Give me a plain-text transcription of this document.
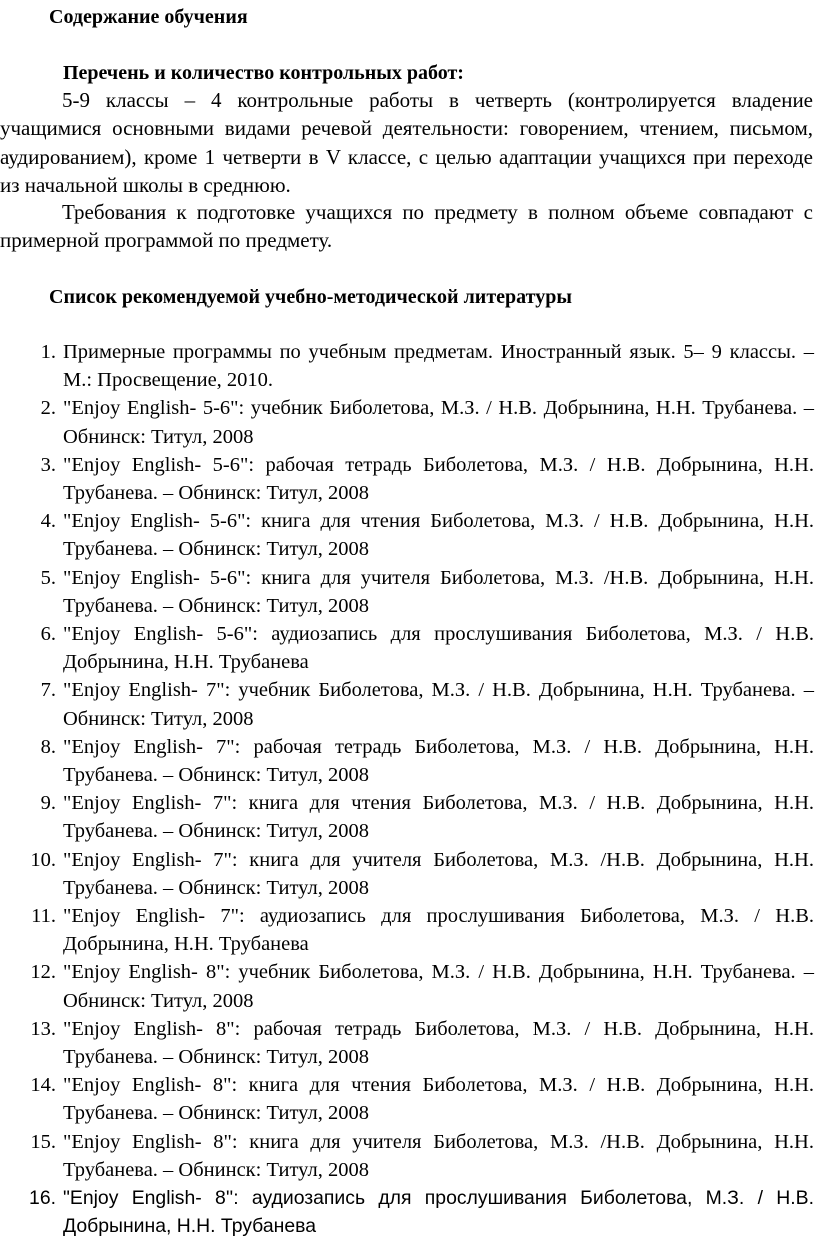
Содержание обучения
Перечень и количество контрольных работ:
5-9 классы – 4 контрольные работы в четверть (контролируется владение учащимися основными видами речевой деятельности: говорением, чтением, письмом, аудированием), кроме 1 четверти в V классе, с целью адаптации учащихся при переходе из начальной школы в среднюю.
Требования к подготовке учащихся по предмету в полном объеме совпадают с примерной программой по предмету.
Список рекомендуемой учебно-методической литературы
1. Примерные программы по учебным предметам. Иностранный язык. 5– 9 классы. – М.: Просвещение, 2010.
2. "Enjoy English- 5-6": учебник Биболетова, М.З. / Н.В. Добрынина, Н.Н. Трубанева. – Обнинск: Титул, 2008
3. "Enjoy English- 5-6": рабочая тетрадь Биболетова, М.З. / Н.В. Добрынина, Н.Н. Трубанева. – Обнинск: Титул, 2008
4. "Enjoy English- 5-6": книга для чтения Биболетова, М.З. / Н.В. Добрынина, Н.Н. Трубанева. – Обнинск: Титул, 2008
5. "Enjoy English- 5-6": книга для учителя Биболетова, М.З. /Н.В. Добрынина, Н.Н. Трубанева. – Обнинск: Титул, 2008
6. "Enjoy English- 5-6": аудиозапись для прослушивания Биболетова, М.З. / Н.В. Добрынина, Н.Н. Трубанева
7. "Enjoy English- 7": учебник Биболетова, М.З. / Н.В. Добрынина, Н.Н. Трубанева. – Обнинск: Титул, 2008
8. "Enjoy English- 7": рабочая тетрадь Биболетова, М.З. / Н.В. Добрынина, Н.Н. Трубанева. – Обнинск: Титул, 2008
9. "Enjoy English- 7": книга для чтения Биболетова, М.З. / Н.В. Добрынина, Н.Н. Трубанева. – Обнинск: Титул, 2008
10. "Enjoy English- 7": книга для учителя Биболетова, М.З. /Н.В. Добрынина, Н.Н. Трубанева. – Обнинск: Титул, 2008
11. "Enjoy English- 7": аудиозапись для прослушивания Биболетова, М.З. / Н.В. Добрынина, Н.Н. Трубанева
12. "Enjoy English- 8": учебник Биболетова, М.З. / Н.В. Добрынина, Н.Н. Трубанева. – Обнинск: Титул, 2008
13. "Enjoy English- 8": рабочая тетрадь Биболетова, М.З. / Н.В. Добрынина, Н.Н. Трубанева. – Обнинск: Титул, 2008
14. "Enjoy English- 8": книга для чтения Биболетова, М.З. / Н.В. Добрынина, Н.Н. Трубанева. – Обнинск: Титул, 2008
15. "Enjoy English- 8": книга для учителя Биболетова, М.З. /Н.В. Добрынина, Н.Н. Трубанева. – Обнинск: Титул, 2008
16. "Enjoy English- 8'': аудиозапись для прослушивания Биболетова, М.З. / Н.В. Добрынина, Н.Н. Трубанева
